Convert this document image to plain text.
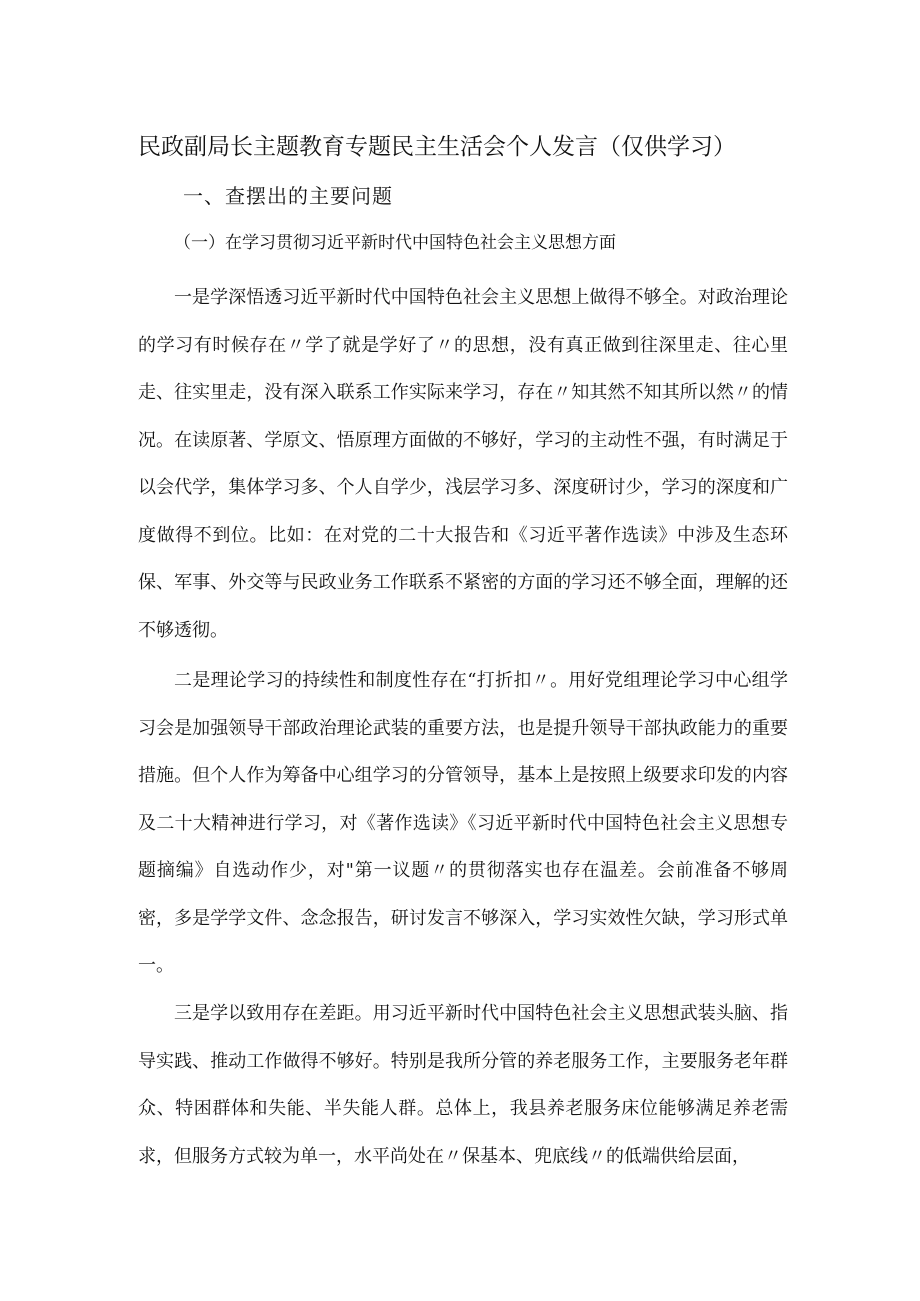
民政副局长主题教育专题民主生活会个人发言（仅供学习）
一、查摆出的主要问题
（一）在学习贯彻习近平新时代中国特色社会主义思想方面

一是学深悟透习近平新时代中国特色社会主义思想上做得不够全。对政治理论的学习有时候存在〃学了就是学好了〃的思想，没有真正做到往深里走、往心里走、往实里走，没有深入联系工作实际来学习，存在〃知其然不知其所以然〃的情况。在读原著、学原文、悟原理方面做的不够好，学习的主动性不强，有时满足于以会代学，集体学习多、个人自学少，浅层学习多、深度研讨少，学习的深度和广度做得不到位。比如：在对党的二十大报告和《习近平著作选读》中涉及生态环保、军事、外交等与民政业务工作联系不紧密的方面的学习还不够全面，理解的还不够透彻。

二是理论学习的持续性和制度性存在“打折扣〃。用好党组理论学习中心组学习会是加强领导干部政治理论武装的重要方法，也是提升领导干部执政能力的重要措施。但个人作为筹备中心组学习的分管领导，基本上是按照上级要求印发的内容及二十大精神进行学习，对《著作选读》《习近平新时代中国特色社会主义思想专题摘编》自选动作少，对"第一议题〃的贯彻落实也存在温差。会前准备不够周密，多是学学文件、念念报告，研讨发言不够深入，学习实效性欠缺，学习形式单一。

三是学以致用存在差距。用习近平新时代中国特色社会主义思想武装头脑、指导实践、推动工作做得不够好。特别是我所分管的养老服务工作，主要服务老年群众、特困群体和失能、半失能人群。总体上，我县养老服务床位能够满足养老需求，但服务方式较为单一，水平尚处在〃保基本、兜底线〃的低端供给层面，
